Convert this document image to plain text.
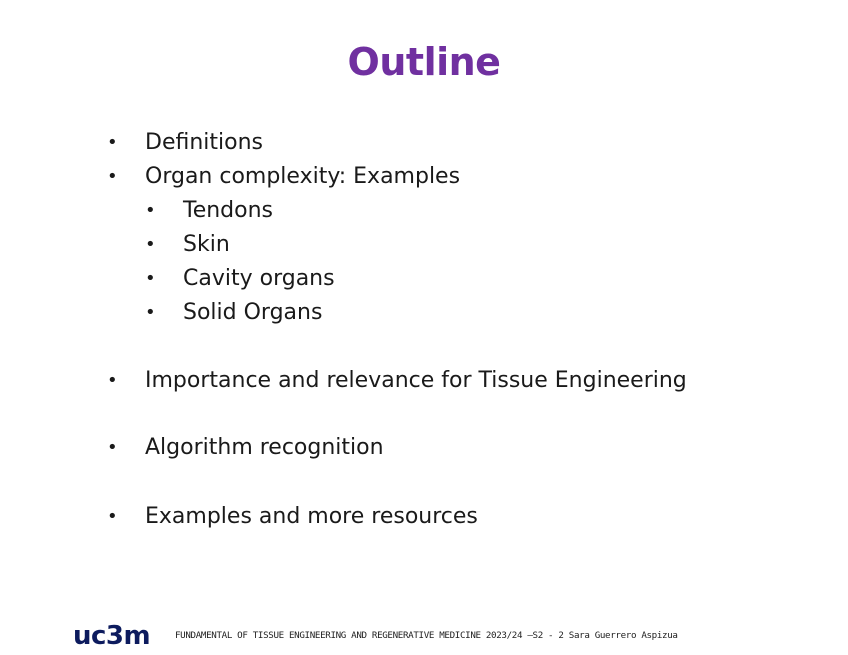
Outline
• Definitions
• Organ complexity: Examples
• Tendons
• Skin
• Cavity organs
• Solid Organs
• Importance and relevance for Tissue Engineering
• Algorithm recognition
• Examples and more resources
uc3m	FUNDAMENTAL OF TISSUE ENGINEERING AND REGENERATIVE MEDICINE 2023/24 –S2 - 2 Sara Guerrero Aspizua
